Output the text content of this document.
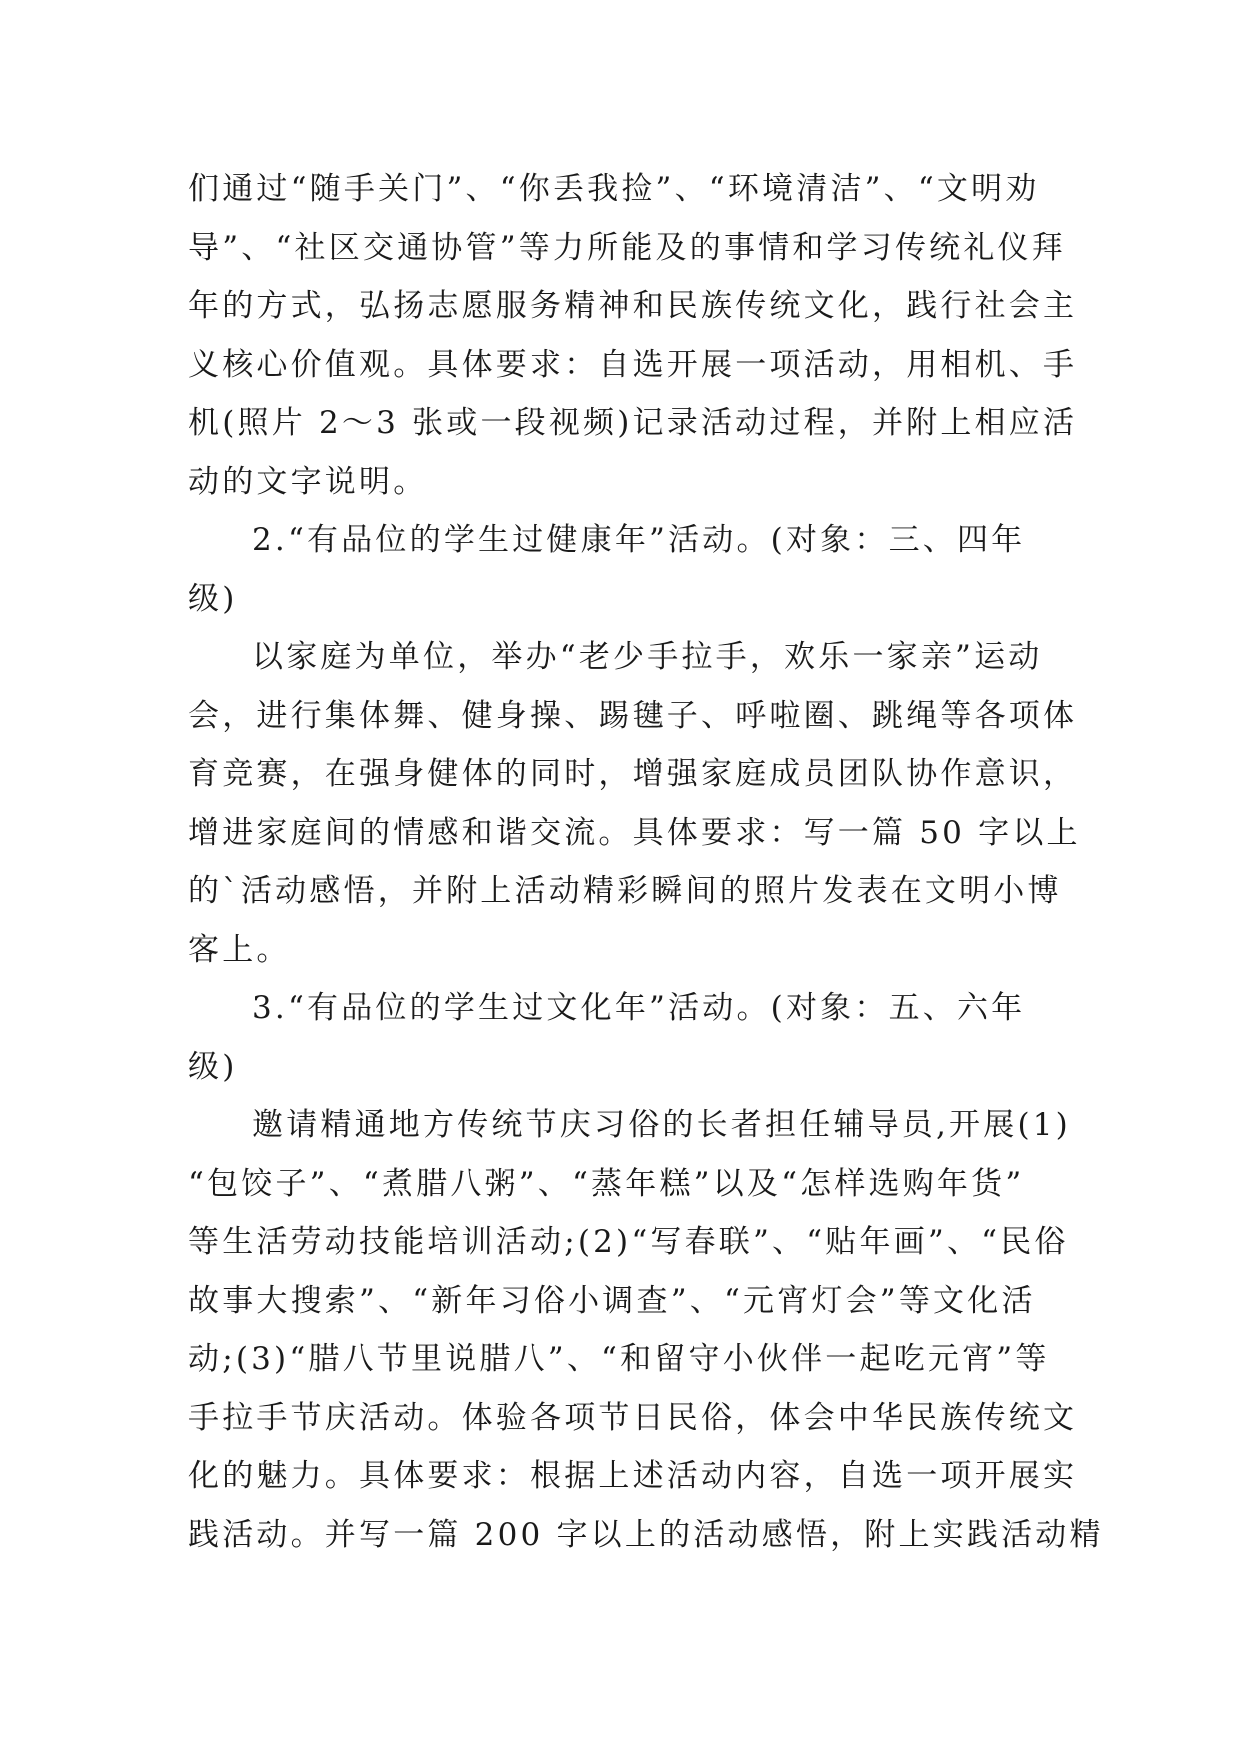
们通过“随手关门”、“你丢我捡”、“环境清洁”、“文明劝
导”、“社区交通协管”等力所能及的事情和学习传统礼仪拜
年的方式，弘扬志愿服务精神和民族传统文化，践行社会主
义核心价值观。具体要求：自选开展一项活动，用相机、手
机(照片 2～3 张或一段视频)记录活动过程，并附上相应活
动的文字说明。
2.“有品位的学生过健康年”活动。(对象：三、四年
级)
以家庭为单位，举办“老少手拉手，欢乐一家亲”运动
会，进行集体舞、健身操、踢毽子、呼啦圈、跳绳等各项体
育竞赛，在强身健体的同时，增强家庭成员团队协作意识，
增进家庭间的情感和谐交流。具体要求：写一篇 50 字以上
的`活动感悟，并附上活动精彩瞬间的照片发表在文明小博
客上。
3.“有品位的学生过文化年”活动。(对象：五、六年
级)
邀请精通地方传统节庆习俗的长者担任辅导员,开展(1)
“包饺子”、“煮腊八粥”、“蒸年糕”以及“怎样选购年货”
等生活劳动技能培训活动;(2)“写春联”、“贴年画”、“民俗
故事大搜索”、“新年习俗小调查”、“元宵灯会”等文化活
动;(3)“腊八节里说腊八”、“和留守小伙伴一起吃元宵”等
手拉手节庆活动。体验各项节日民俗，体会中华民族传统文
化的魅力。具体要求：根据上述活动内容，自选一项开展实
践活动。并写一篇 200 字以上的活动感悟，附上实践活动精
